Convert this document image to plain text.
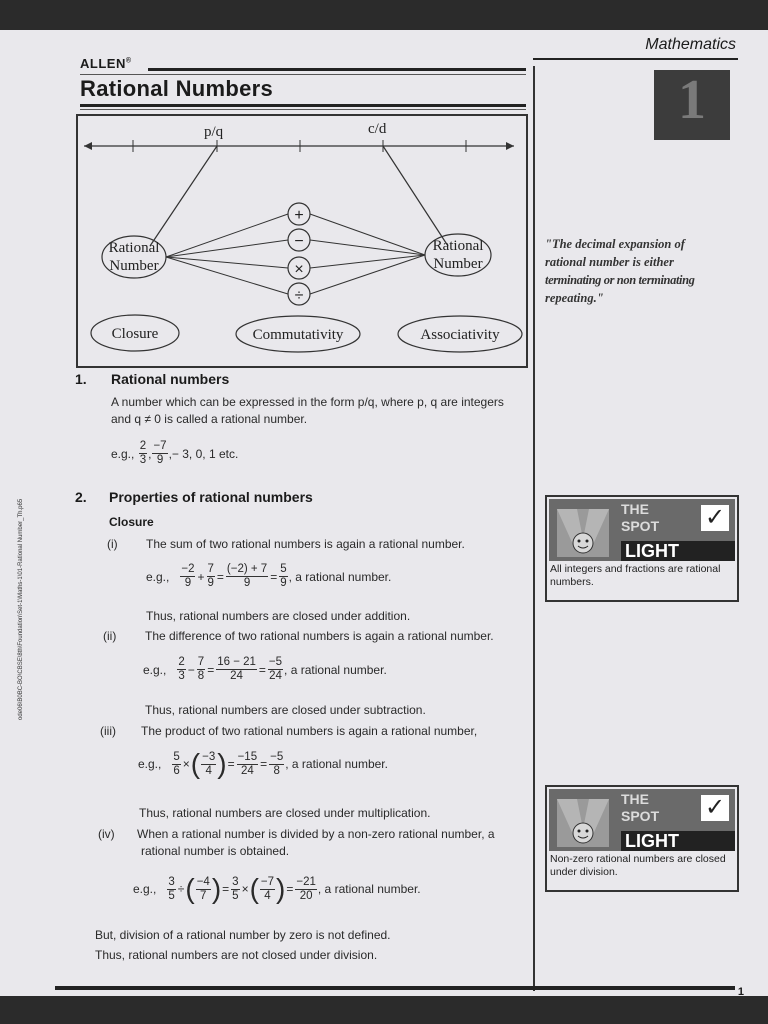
ALLEN®
Mathematics
Rational Numbers	1
p/q	c/d
Rational
Number
Rational
Number
+
−
×
÷
Closure	Commutativity	Associativity
"The decimal expansion of
rational number is either
terminating or non terminating
repeating."
THE
SPOT
LIGHT
✓
All integers and fractions are rational numbers.
THE
SPOT
LIGHT
✓
Non-zero rational numbers are closed under division.
1. Rational numbers
A number which can be expressed in the form p/q, where p, q are integers
and q ≠ 0 is called a rational number.
e.g.,
$\frac{2}{3}$ , $\frac{-7}{9}$ ,− 3, 0, 1 etc.
2. Properties of rational numbers
Closure
(i) The sum of two rational numbers is again a rational number.
e.g., $\frac{-2}{9} + \frac{7}{9} = \frac{(-2) + 7}{9} = \frac{5}{9}$ , a rational number.
Thus, rational numbers are closed under addition.
(ii) The difference of two rational numbers is again a rational number.
e.g., $\frac{2}{3} - \frac{7}{8} = \frac{16 - 21}{24} = \frac{-5}{24}$ , a rational number.
Thus, rational numbers are closed under subtraction.
(iii) The product of two rational numbers is again a rational number,
e.g., $\frac{5}{6}$ × ( $\frac{-3}{4}$ ) = $\frac{-15}{24} = \frac{-5}{8}$ , a rational number.
Thus, rational numbers are closed under multiplication.
(iv) When a rational number is divided by a non-zero rational number, a
rational number is obtained.
e.g., $\frac{3}{5}$ ÷ ( $\frac{-4}{7}$ ) = $\frac{3}{5}$ × ( $\frac{-7}{4}$ ) = $\frac{-21}{20}$ , a rational number.
But, division of a rational number by zero is not defined.
Thus, rational numbers are not closed under division.
ode06\B0BC-BO\CBSE\8th\Foundation\Set-1\Maths-1\01-Rational Number_Th.p65
1
